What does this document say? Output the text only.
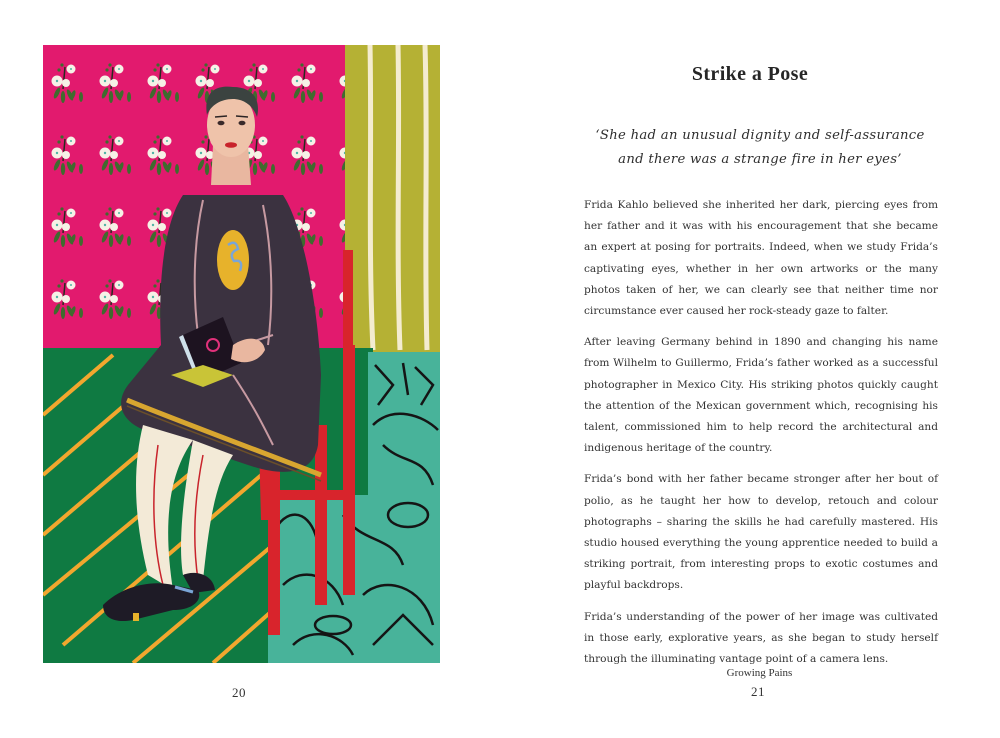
20
Strike a Pose
‘She had an unusual dignity and self-assurance
and there was a strange fire in her eyes’

Frida Kahlo believed she inherited her dark, piercing eyes from her father and it was with his encouragement that she became an expert at posing for portraits. Indeed, when we study Frida’s captivating eyes, whether in her own artworks or the many photos taken of her, we can clearly see that neither time nor circumstance ever caused her rock-steady gaze to falter.

After leaving Germany behind in 1890 and changing his name from Wilhelm to Guillermo, Frida’s father worked as a successful photographer in Mexico City. His striking photos quickly caught the attention of the Mexican government which, recognising his talent, commissioned him to help record the architectural and indigenous heritage of the country.

Frida’s bond with her father became stronger after her bout of polio, as he taught her how to develop, retouch and colour photographs – sharing the skills he had carefully mastered. His studio housed everything the young apprentice needed to build a striking portrait, from interesting props to exotic costumes and playful backdrops.

Frida’s understanding of the power of her image was cultivated in those early, explorative years, as she began to study herself through the illuminating vantage point of a camera lens.

Growing Pains
21
